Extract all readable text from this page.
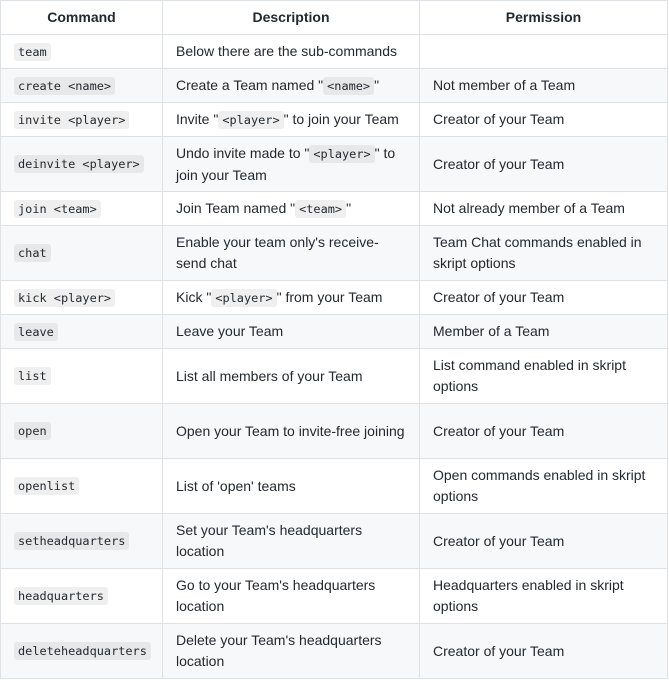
Command	Description	Permission
team	Below there are the sub-commands	
create <name>	Create a Team named " <name> "	Not member of a Team
invite <player>	Invite " <player> " to join your Team	Creator of your Team
deinvite <player>	Undo invite made to " <player> " to join your Team	Creator of your Team
join <team>	Join Team named " <team> "	Not already member of a Team
chat	Enable your team only's receive-send chat	Team Chat commands enabled in skript options
kick <player>	Kick " <player> " from your Team	Creator of your Team
leave	Leave your Team	Member of a Team
list	List all members of your Team	List command enabled in skript options
open	Open your Team to invite-free joining	Creator of your Team
openlist	List of 'open' teams	Open commands enabled in skript options
setheadquarters	Set your Team's headquarters location	Creator of your Team
headquarters	Go to your Team's headquarters location	Headquarters enabled in skript options
deleteheadquarters	Delete your Team's headquarters location	Creator of your Team
